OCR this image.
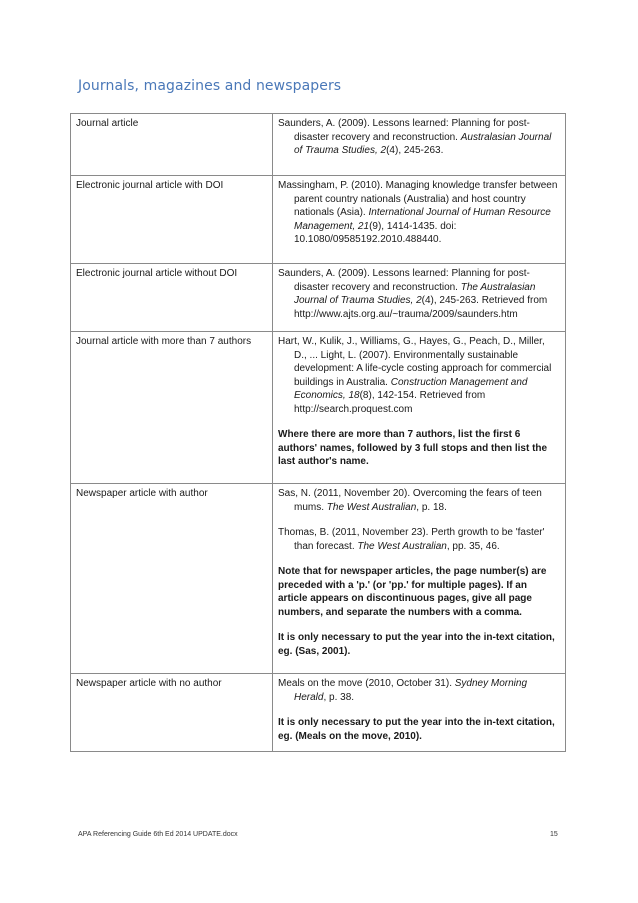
Journals, magazines and newspapers
Journal article	Saunders, A. (2009). Lessons learned: Planning for post-disaster recovery and reconstruction. Australasian Journal of Trauma Studies, 2(4), 245-263.

Electronic journal article with DOI	Massingham, P. (2010). Managing knowledge transfer between parent country nationals (Australia) and host country nationals (Asia). International Journal of Human Resource Management, 21(9), 1414-1435. doi: 10.1080/09585192.2010.488440.

Electronic journal article without DOI	Saunders, A. (2009). Lessons learned: Planning for post-disaster recovery and reconstruction. The Australasian Journal of Trauma Studies, 2(4), 245-263. Retrieved from http://www.ajts.org.au/~trauma/2009/saunders.htm

Journal article with more than 7 authors	Hart, W., Kulik, J., Williams, G., Hayes, G., Peach, D., Miller, D., ... Light, L. (2007). Environmentally sustainable development: A life-cycle costing approach for commercial buildings in Australia. Construction Management and Economics, 18(8), 142-154. Retrieved from http://search.proquest.com

Where there are more than 7 authors, list the first 6 authors' names, followed by 3 full stops and then list the last author's name.

Newspaper article with author	Sas, N. (2011, November 20). Overcoming the fears of teen mums. The West Australian, p. 18.

Thomas, B. (2011, November 23). Perth growth to be 'faster' than forecast. The West Australian, pp. 35, 46.

Note that for newspaper articles, the page number(s) are preceded with a 'p.' (or 'pp.' for multiple pages). If an article appears on discontinuous pages, give all page numbers, and separate the numbers with a comma.

It is only necessary to put the year into the in-text citation, eg. (Sas, 2001).

Newspaper article with no author	Meals on the move (2010, October 31). Sydney Morning Herald, p. 38.

It is only necessary to put the year into the in-text citation, eg. (Meals on the move, 2010).

APA Referencing Guide 6th Ed 2014 UPDATE.docx	15
